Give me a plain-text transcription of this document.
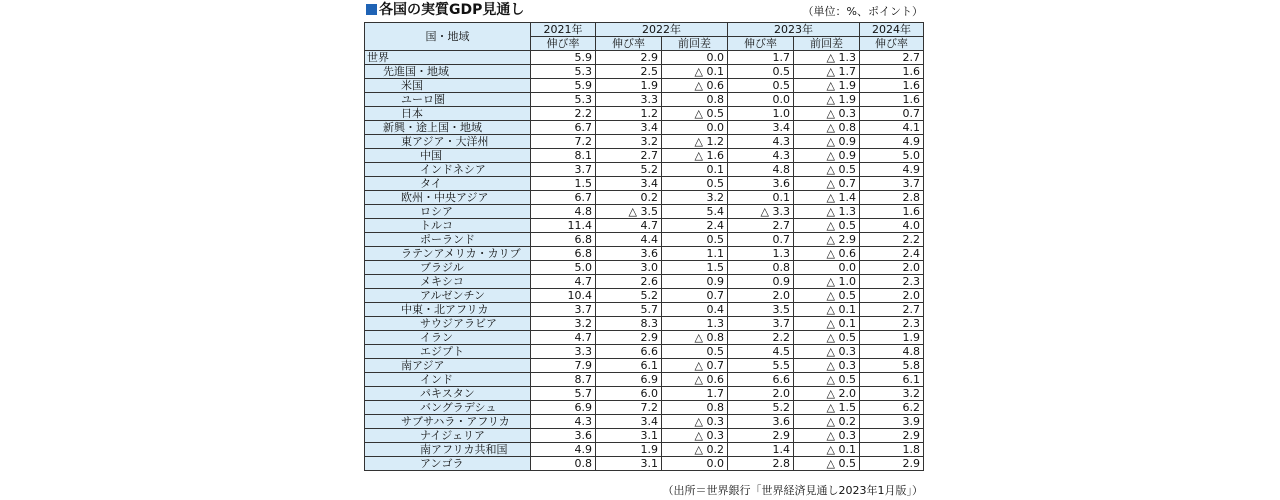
各国の実質GDP見通し	（単位：%、ポイント）
国・地域	2021年	2022年		2023年		2024年
	伸び率	伸び率	前回差	伸び率	前回差	伸び率
世界	5.9	2.9	0.0	1.7	△ 1.3	2.7
先進国・地域	5.3	2.5	△ 0.1	0.5	△ 1.7	1.6
米国	5.9	1.9	△ 0.6	0.5	△ 1.9	1.6
ユーロ圏	5.3	3.3	0.8	0.0	△ 1.9	1.6
日本	2.2	1.2	△ 0.5	1.0	△ 0.3	0.7
新興・途上国・地域	6.7	3.4	0.0	3.4	△ 0.8	4.1
東アジア・大洋州	7.2	3.2	△ 1.2	4.3	△ 0.9	4.9
中国	8.1	2.7	△ 1.6	4.3	△ 0.9	5.0
インドネシア	3.7	5.2	0.1	4.8	△ 0.5	4.9
タイ	1.5	3.4	0.5	3.6	△ 0.7	3.7
欧州・中央アジア	6.7	0.2	3.2	0.1	△ 1.4	2.8
ロシア	4.8	△ 3.5	5.4	△ 3.3	△ 1.3	1.6
トルコ	11.4	4.7	2.4	2.7	△ 0.5	4.0
ポーランド	6.8	4.4	0.5	0.7	△ 2.9	2.2
ラテンアメリカ・カリブ	6.8	3.6	1.1	1.3	△ 0.6	2.4
ブラジル	5.0	3.0	1.5	0.8	0.0	2.0
メキシコ	4.7	2.6	0.9	0.9	△ 1.0	2.3
アルゼンチン	10.4	5.2	0.7	2.0	△ 0.5	2.0
中東・北アフリカ	3.7	5.7	0.4	3.5	△ 0.1	2.7
サウジアラビア	3.2	8.3	1.3	3.7	△ 0.1	2.3
イラン	4.7	2.9	△ 0.8	2.2	△ 0.5	1.9
エジプト	3.3	6.6	0.5	4.5	△ 0.3	4.8
南アジア	7.9	6.1	△ 0.7	5.5	△ 0.3	5.8
インド	8.7	6.9	△ 0.6	6.6	△ 0.5	6.1
パキスタン	5.7	6.0	1.7	2.0	△ 2.0	3.2
バングラデシュ	6.9	7.2	0.8	5.2	△ 1.5	6.2
サブサハラ・アフリカ	4.3	3.4	△ 0.3	3.6	△ 0.2	3.9
ナイジェリア	3.6	3.1	△ 0.3	2.9	△ 0.3	2.9
南アフリカ共和国	4.9	1.9	△ 0.2	1.4	△ 0.1	1.8
アンゴラ	0.8	3.1	0.0	2.8	△ 0.5	2.9
（出所＝世界銀行「世界経済見通し2023年1月版」）
